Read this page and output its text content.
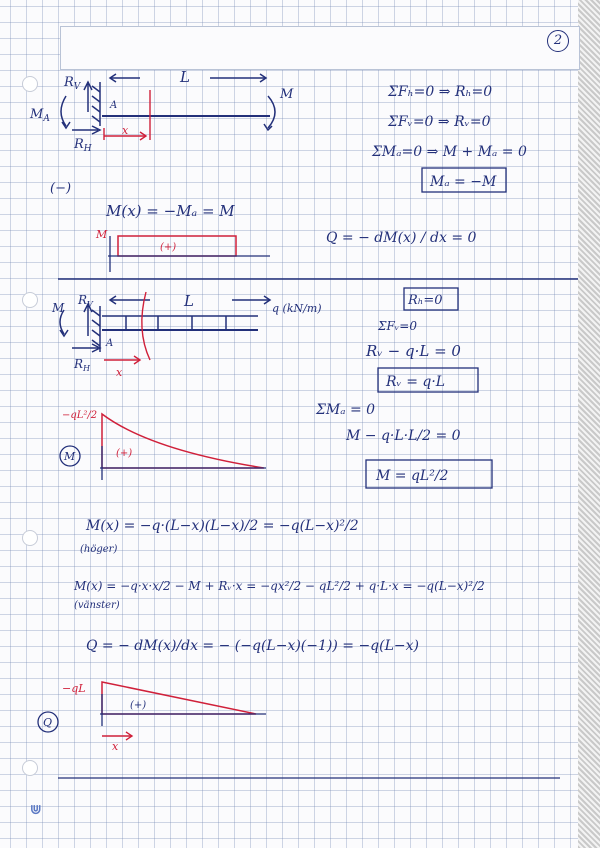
2
⋓
$R_V$
$R_H$
$M_A$
A
L
M
x
ΣFₕ=0 ⇒ Rₕ=0
ΣFᵥ=0 ⇒ Rᵥ=0
ΣMₐ=0 ⇒ M + Mₐ = 0
Mₐ = −M
(−)
M(x) = −Mₐ = M
Q = − dM(x) / dx = 0
M
(+)
$R_V$
$R_H$
M
A
L	q (kN/m)
x
Rₕ=0
ΣFᵥ=0
Rᵥ − q·L = 0
Rᵥ = q·L
ΣMₐ = 0
M − q·L·L/2 = 0
M = qL²/2
−qL²/2
M	(+)
M(x) = −q·(L−x)(L−x)/2 = −q(L−x)²/2
(höger)
M(x) = −q·x·x/2 − M + Rᵥ·x = −qx²/2 − qL²/2 + q·L·x = −q(L−x)²/2
(vänster)
Q = − dM(x)/dx = − (−q(L−x)(−1)) = −q(L−x)
−qL
Q
(+)
x
